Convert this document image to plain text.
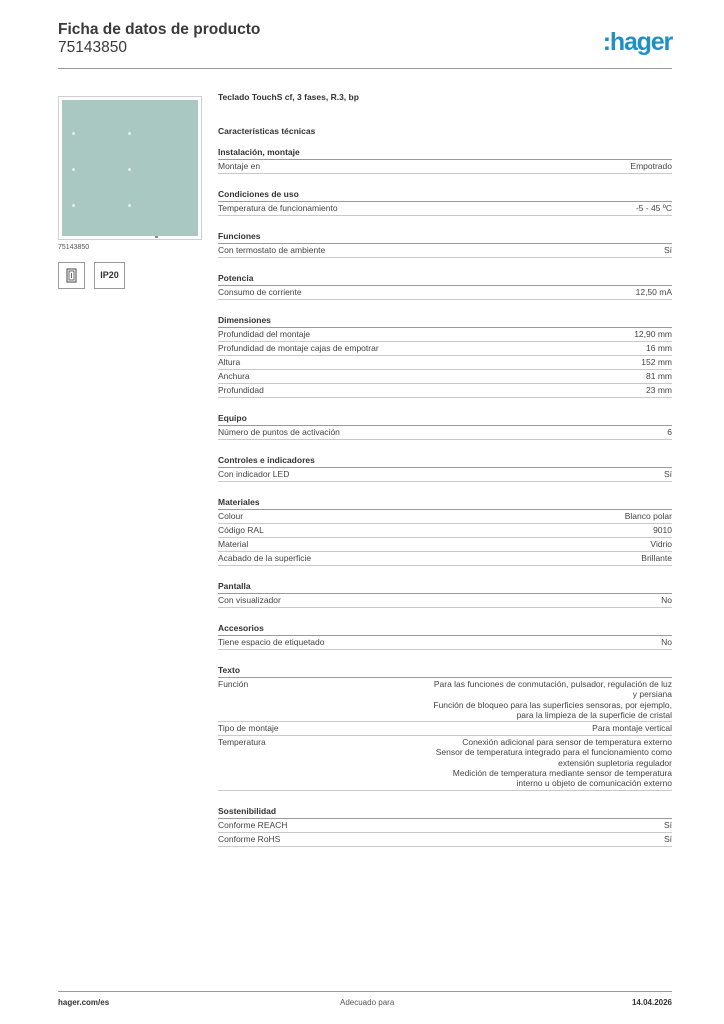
Ficha de datos de producto
75143850	:hager
75143850
IP20
Teclado TouchS cf, 3 fases, R.3, bp
Características técnicas
Instalación, montaje
Montaje en	Empotrado
Condiciones de uso
Temperatura de funcionamiento	-5 - 45 ºC
Funciones
Con termostato de ambiente	Sí
Potencia
Consumo de corriente	12,50 mA
Dimensiones
Profundidad del montaje	12,90 mm
Profundidad de montaje cajas de empotrar	16 mm
Altura	152 mm
Anchura	81 mm
Profundidad	23 mm
Equipo
Número de puntos de activación	6
Controles e indicadores
Con indicador LED	Sí
Materiales
Colour	Blanco polar
Código RAL	9010
Material	Vidrio
Acabado de la superficie	Brillante
Pantalla
Con visualizador	No
Accesorios
Tiene espacio de etiquetado	No
Texto
Función	Para las funciones de conmutación, pulsador, regulación de luz
y persiana
Función de bloqueo para las superficies sensoras, por ejemplo,
para la limpieza de la superficie de cristal
Tipo de montaje	Para montaje vertical
Temperatura	Conexión adicional para sensor de temperatura externo
Sensor de temperatura integrado para el funcionamiento como
extensión supletoria regulador
Medición de temperatura mediante sensor de temperatura
interno u objeto de comunicación externo
Sostenibilidad
Conforme REACH	Sí
Conforme RoHS	Sí
hager.com/es	Adecuado para	14.04.2026
